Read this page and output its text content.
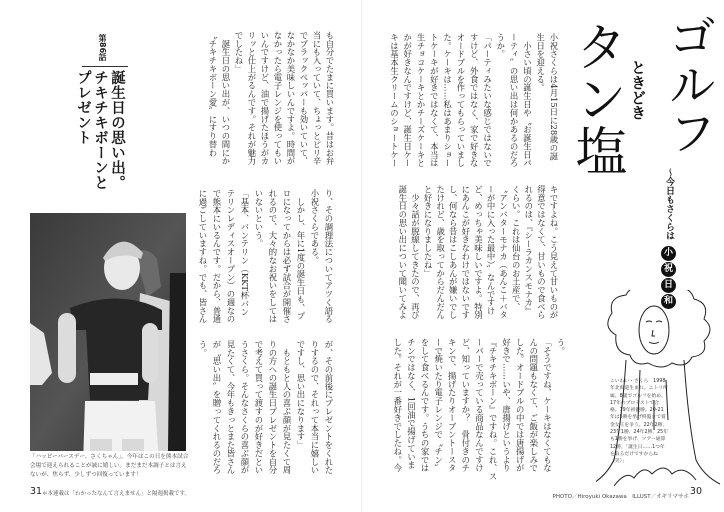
第86話
誕生日の思い出。
チキチキボーンと
プレゼント	も自分でたまに買います。昔はお弁
当にも入っていて、ちょっとピリ辛
でブラックペッパーも効いていて、
なかなか美味しいんですよ。時間が
なかったら電子レンジを使ってもい
いんですけど、油で揚げたほうがカ
リッと仕上がるんです。それが魅力
でしたね」
　誕生日の思い出が、いつの間にか
〝チキチキボーン愛〟にすり替わ
り、その調理法についてアツく語る
小祝さくらである。
　しかし、年に1度の誕生日も、プ
ロになってからは必ず試合が開催さ
れるので、大々的なお祝いをしては
いないという。
「基本、バンテリン（KKT杯バン
テリンレディスオープン）の週なの
で熊本にいるんです。だから、普通
に過ごしていますね。でも、皆さん
が、その前後にプレゼントをくれた
りするので、それって本当に嬉しい
ですし、思い出になります」
　もともと人の喜ぶ顔が見たくて周
りの方への誕生日プレゼントを自分
で考えて買って渡すのが好きだとい
うさくら。そんなさくらの喜ぶ顔が
見たくて、今年もきっとまた皆さん
が〝思い出〟を贈ってくれるのだろ
う。
「ハッピーバースデー、さくちゃん」。今年はこの日を熊本試合会場で迎えられることが誠に嬉しい。まだまだ本調子とは言えないが、焦らず、少しずつ回復っています！
31 ＊本連載は「わかったなんて言えません」と隔週掲載です。
小祝さくらは4月15日に28歳の誕
生日を迎える。
　小さい頃の誕生日や〝お誕生日パ
ーティ〟の思い出は何かあるのだろ
うか。
「パーティみたいな感じではないで
すけど、外食ではなく、家で好きな
オードブルを作ってもらっていまし
た。ケーキは……私はあまりショー
トケーキが好きではなくて、本当は
生チョコケーキとかチーズケーキと
かが好きなんですけど、誕生日ケー
キは基本生クリームのショートケー
キですよね。こう見えて甘いものが
得意ではなくて、甘いもので食べら
れるのは、『シーラカンスモナカ』
くらい。これは仙台のお土産で、
〝アンバターモナカ（あんこ＋バタ
ーが中に入った最中）〟なんですけ
ど、めっちゃ美味しいですよ。特別
にあんこが好きなわけではないです
し、何なら昔はこしあんが嫌いでし
たけれど、歳を取ってからだんだん
と好きになりましたね」
　少々話が脱線してきたので、再び
誕生日の思い出について聞いてみよ
う。
「そうですね、ケーキはなくてもな
んの問題もなくて、ご飯が楽しみで
した。オードブルの中では唐揚げが
好きで……いや、唐揚げというより
『チキチキボーン』ですね。これ、ス
ーパーで売っている商品なんですけ
ど、知っていますか？　骨付きのチ
キンで、揚げたりオーブントースタ
ーで焼いたり電子レンジで〝チン〟
をして食べるんです。うちの家では
チンではなく、1回油で揚げていま
した。それが一番好きでしたね。今
ゴルフ
ときどき
タン塩
～今日もさくらは
小
祝
日
和
こいわい・さくら　1998年北海道生まれ。ニトリ所属。8歳でゴルフを始め、17年のプロテストで合格。19年初優勝。20-21年は5勝を挙げ終盤まで賞金女王を争う。22年2勝、23年1勝、24年2勝、25年も1勝を挙げ、ツアー通算12勝。「誕生日……1つ年を取るだけですからね（笑）」
PHOTO／Hiroyuki Okazawa　ILLUST／オギリマサホ 30
